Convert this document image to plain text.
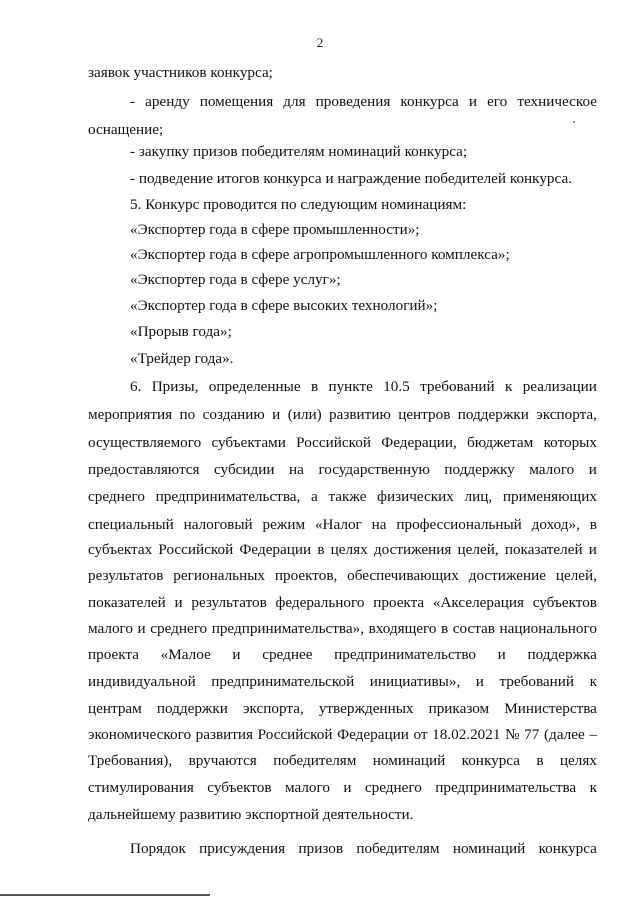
2
заявок участников конкурса;
- аренду помещения для проведения конкурса и его техническое
оснащение;
- закупку призов победителям номинаций конкурса;
- подведение итогов конкурса и награждение победителей конкурса.
5. Конкурс проводится по следующим номинациям:
«Экспортер года в сфере промышленности»;
«Экспортер года в сфере агропромышленного комплекса»;
«Экспортер года в сфере услуг»;
«Экспортер года в сфере высоких технологий»;
«Прорыв года»;
«Трейдер года».
6. Призы, определенные в пункте 10.5 требований к реализации
мероприятия по созданию и (или) развитию центров поддержки экспорта,
осуществляемого субъектами Российской Федерации, бюджетам которых
предоставляются субсидии на государственную поддержку малого и
среднего предпринимательства, а также физических лиц, применяющих
специальный налоговый режим «Налог на профессиональный доход», в
субъектах Российской Федерации в целях достижения целей, показателей и
результатов региональных проектов, обеспечивающих достижение целей,
показателей и результатов федерального проекта «Акселерация субъектов
малого и среднего предпринимательства», входящего в состав национального
проекта «Малое и среднее предпринимательство и поддержка
индивидуальной предпринимательской инициативы», и требований к
центрам поддержки экспорта, утвержденных приказом Министерства
экономического развития Российской Федерации от 18.02.2021 № 77 (далее –
Требования), вручаются победителям номинаций конкурса в целях
стимулирования субъектов малого и среднего предпринимательства к
дальнейшему развитию экспортной деятельности.
Порядок присуждения призов победителям номинаций конкурса
